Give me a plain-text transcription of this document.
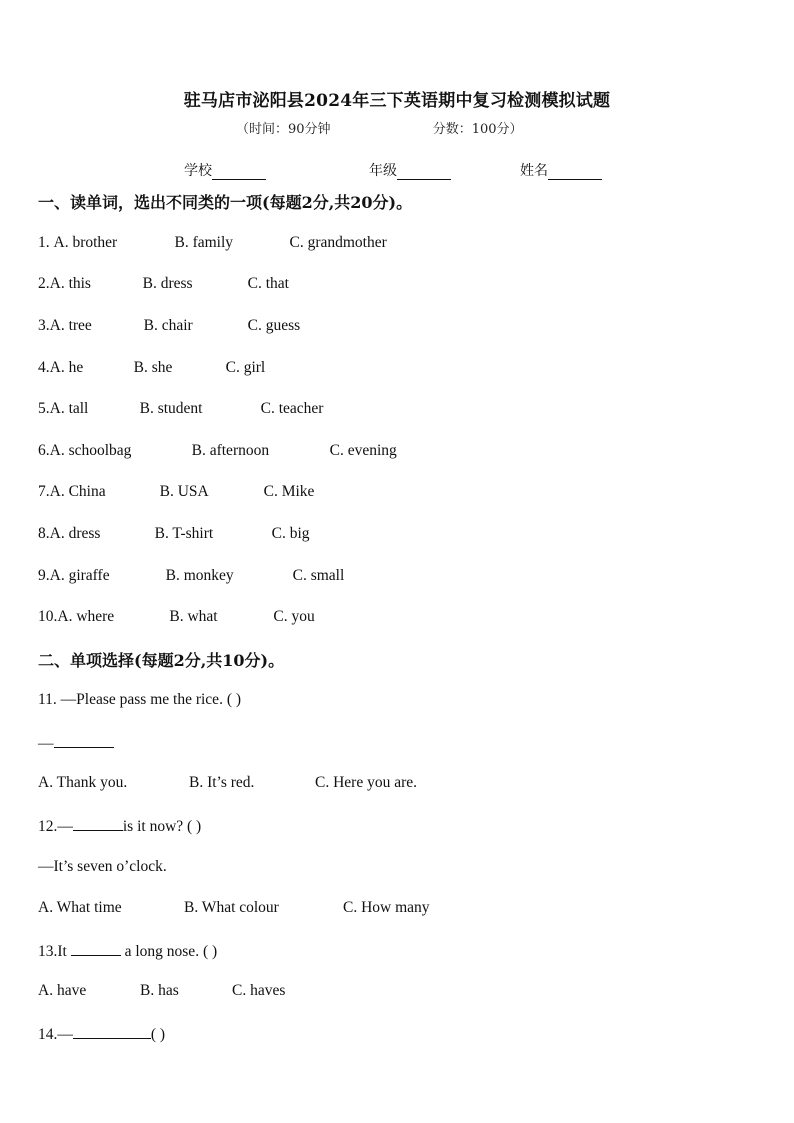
驻马店市泌阳县2024年三下英语期中复习检测模拟试题
（时间：90分钟	分数：100分）
学校	年级	姓名
一、读单词，选出不同类的一项(每题2分,共20分)。
1. A. brother	B. family	C. grandmother
2.A. this	B. dress	C. that
3.A. tree	B. chair	C. guess
4.A. he	B. she	C. girl
5.A. tall	B. student	C. teacher
6.A. schoolbag	B. afternoon	C. evening
7.A. China	B. USA	C. Mike
8.A. dress	B. T-shirt	C. big
9.A. giraffe	B. monkey	C. small
10.A. where	B. what	C. you
二、单项选择(每题2分,共10分)。
11. —Please pass me the rice. ( )
—
A. Thank you.	B. It’s red.	C. Here you are.
12.—	is it now? ( )
—It’s seven o’clock.
A. What time	B. What colour	C. How many
13.It	a long nose. ( )
A. have	B. has	C. haves
14.—	( )
